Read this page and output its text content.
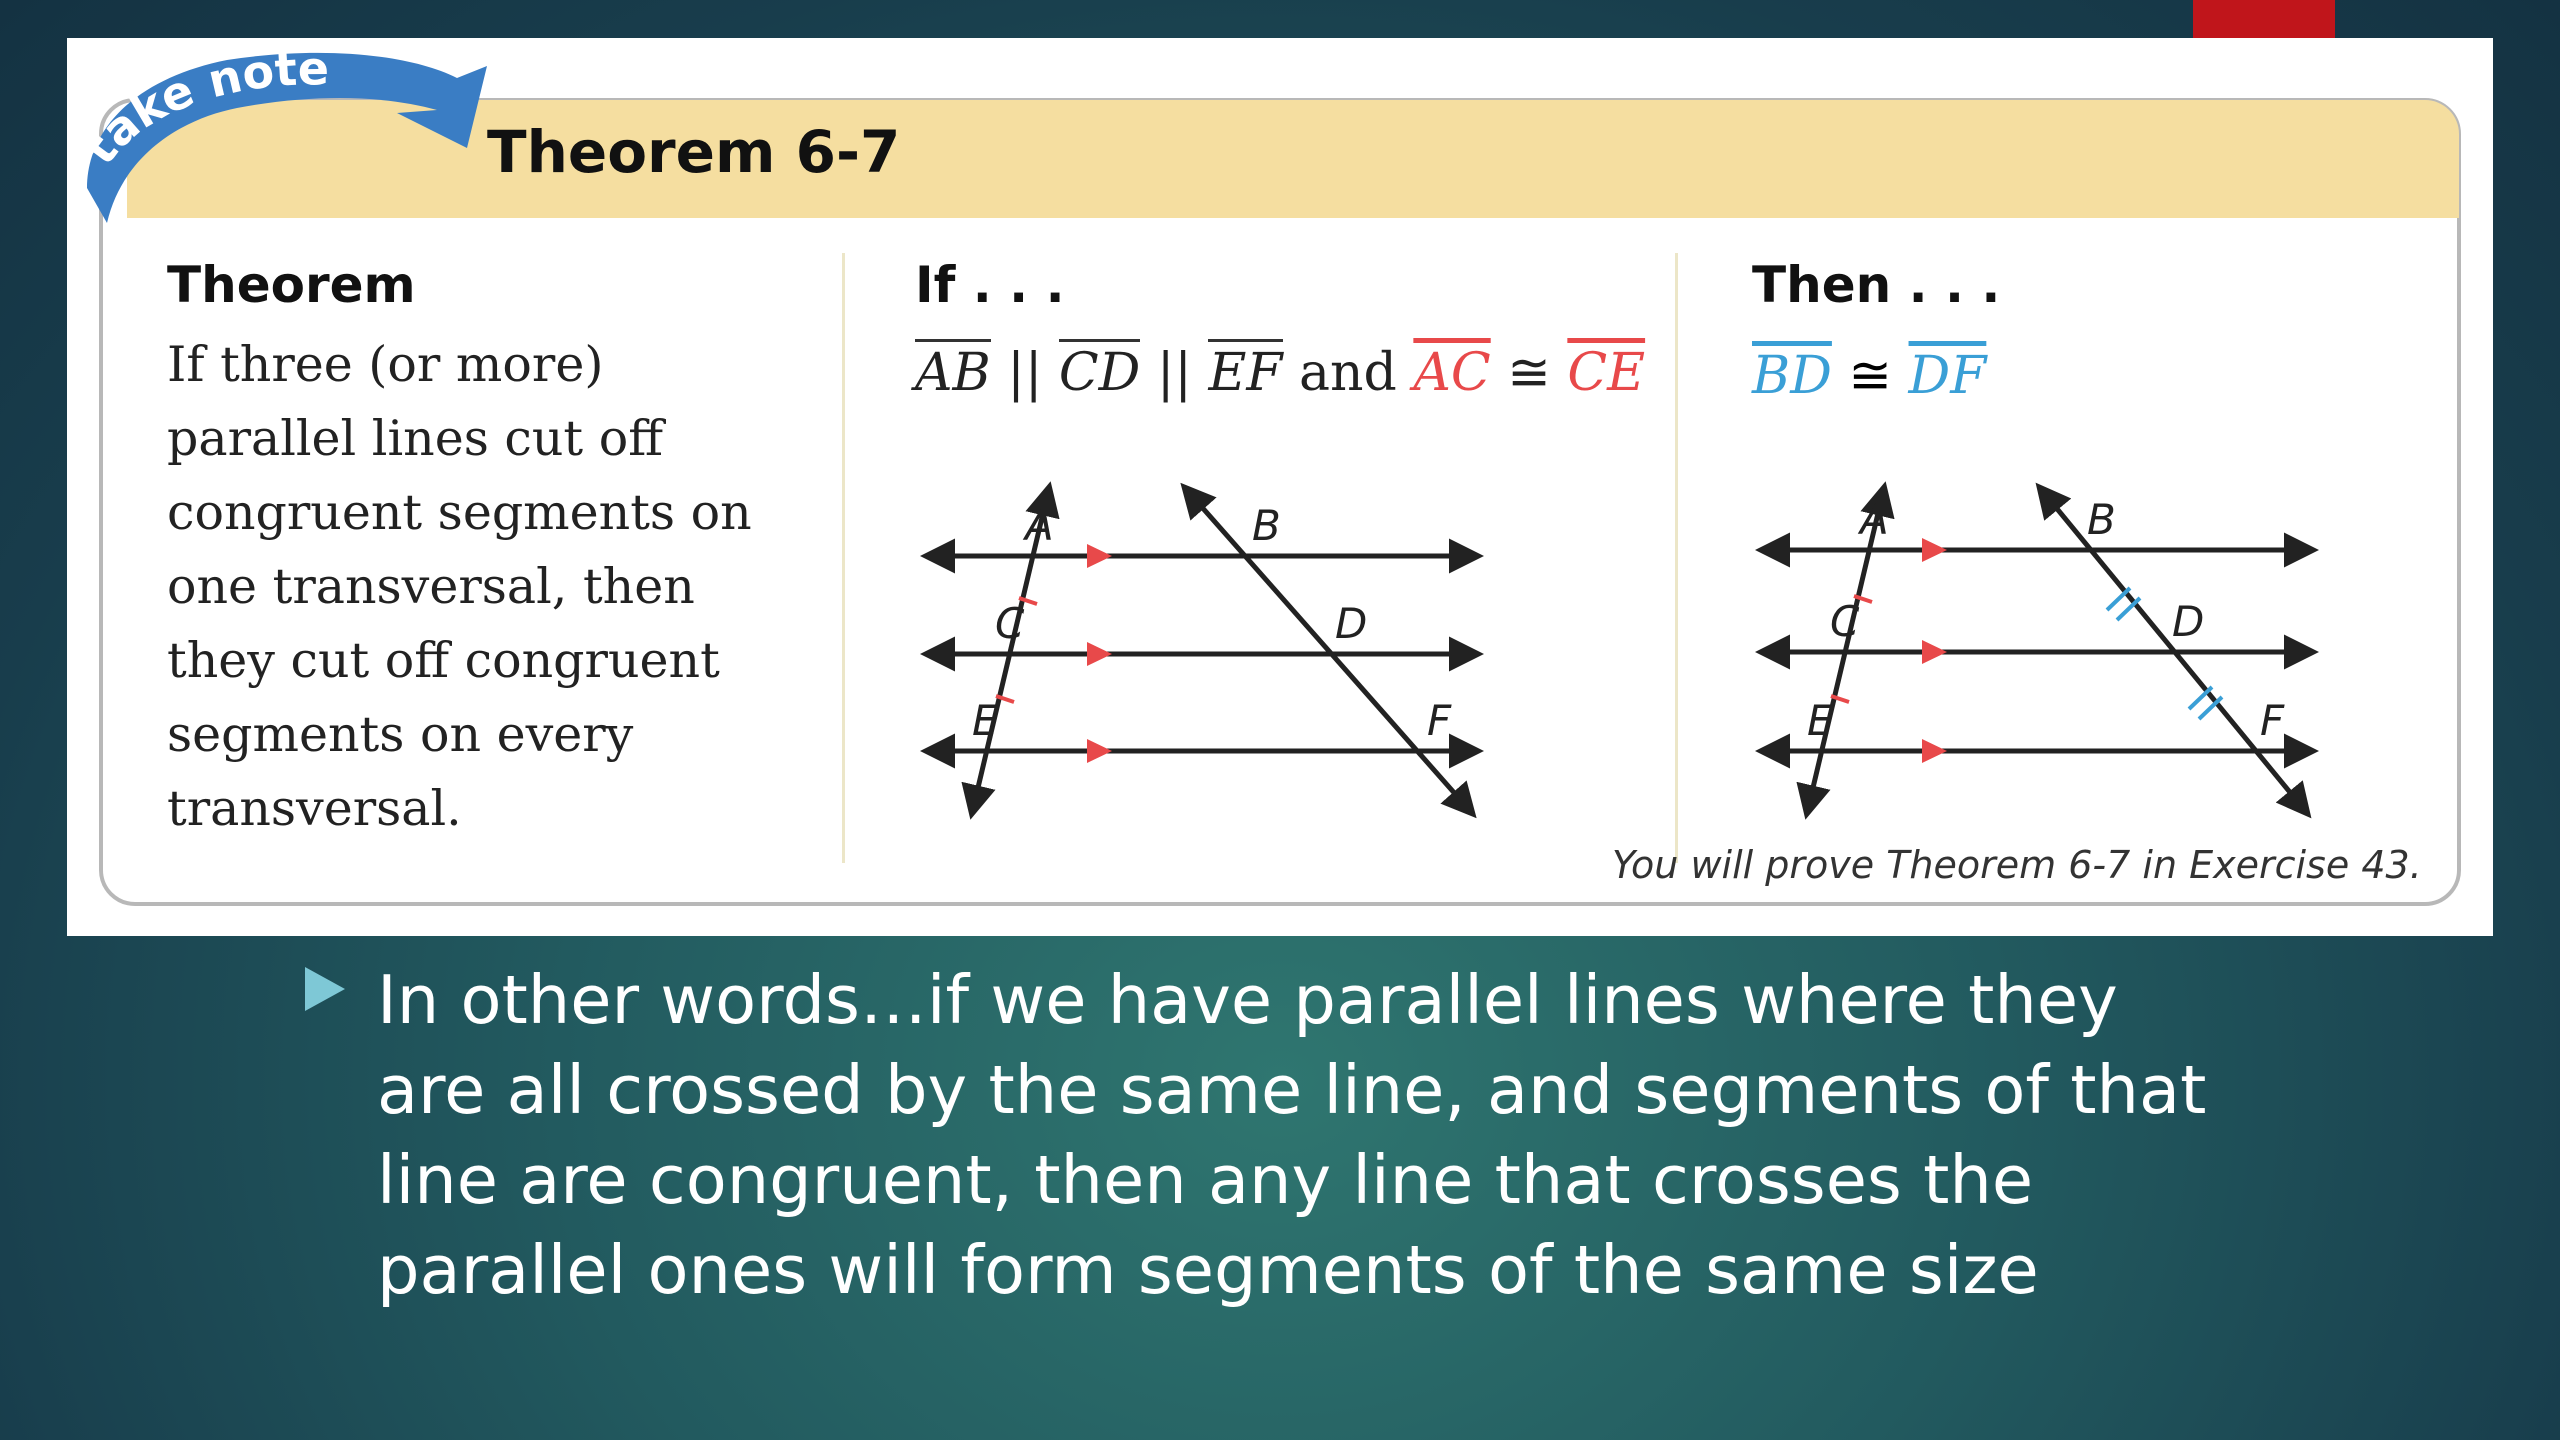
take note
Theorem 6-7
Theorem
If three (or more) parallel lines cut off congruent segments on one transversal, then they cut off congruent segments on every transversal.
If . . .
AB || CD || EF and $\overline{AC}$ ≅ $\overline{CE}$
Then . . .
$\overline{BD}$ ≅ $\overline{DF}$
A	B
C	D
E	F
A	B
C	D
E	F
You will prove Theorem 6-7 in Exercise 43.
In other words…if we have parallel lines where they are all crossed by the same line, and segments of that line are congruent, then any line that crosses the parallel ones will form segments of the same size
